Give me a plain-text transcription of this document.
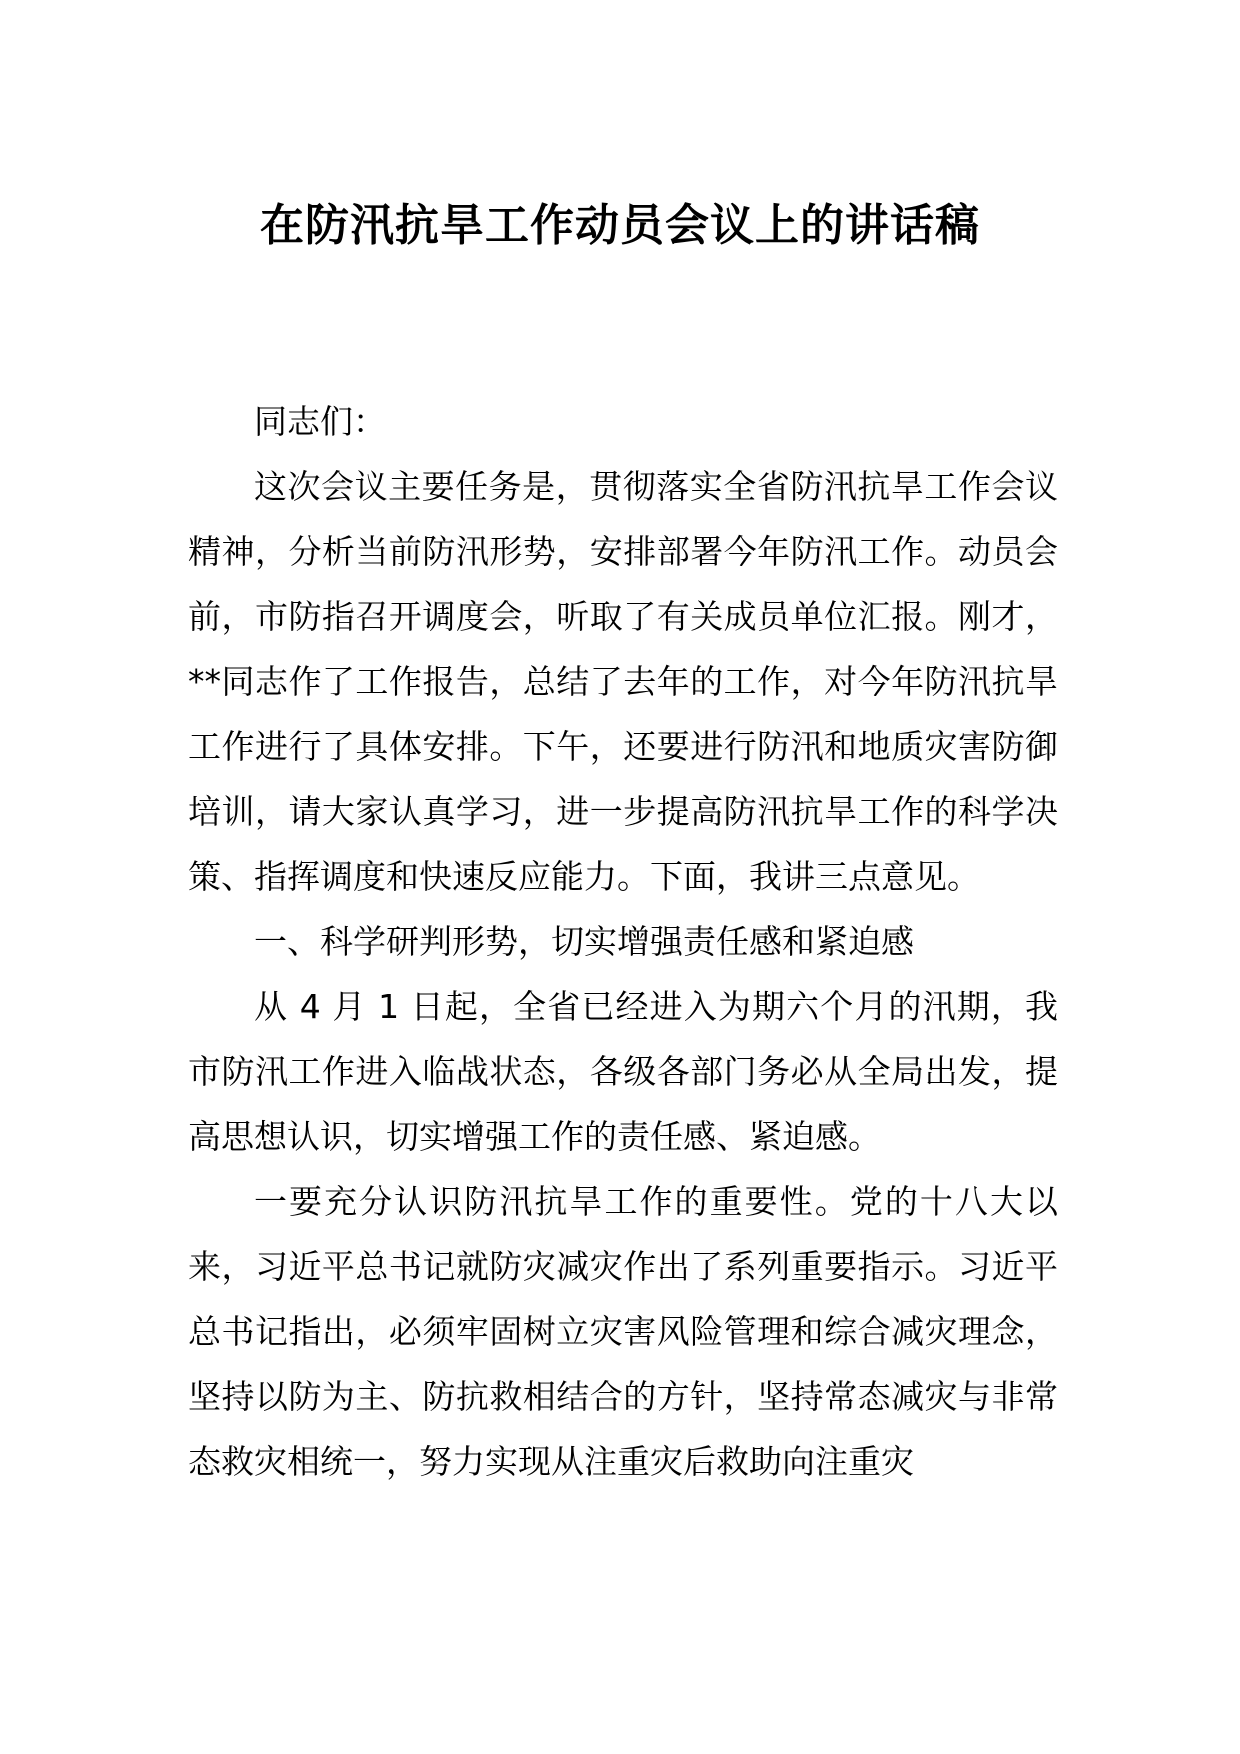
在防汛抗旱工作动员会议上的讲话稿

同志们：

这次会议主要任务是，贯彻落实全省防汛抗旱工作会议精神，分析当前防汛形势，安排部署今年防汛工作。动员会前，市防指召开调度会，听取了有关成员单位汇报。刚才，**同志作了工作报告，总结了去年的工作，对今年防汛抗旱工作进行了具体安排。下午，还要进行防汛和地质灾害防御培训，请大家认真学习，进一步提高防汛抗旱工作的科学决策、指挥调度和快速反应能力。下面，我讲三点意见。

一、科学研判形势，切实增强责任感和紧迫感

从 4 月 1 日起，全省已经进入为期六个月的汛期，我市防汛工作进入临战状态，各级各部门务必从全局出发，提高思想认识，切实增强工作的责任感、紧迫感。

一要充分认识防汛抗旱工作的重要性。党的十八大以来，习近平总书记就防灾减灾作出了系列重要指示。习近平总书记指出，必须牢固树立灾害风险管理和综合减灾理念，坚持以防为主、防抗救相结合的方针，坚持常态减灾与非常态救灾相统一，努力实现从注重灾后救助向注重灾
